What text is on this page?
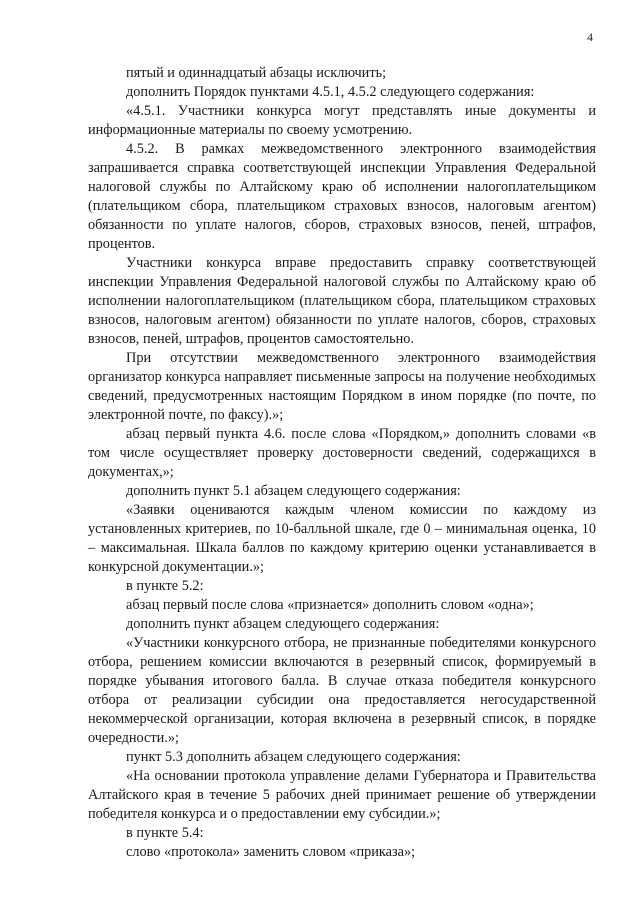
4

пятый и одиннадцатый абзацы исключить;

дополнить Порядок пунктами 4.5.1, 4.5.2 следующего содержания:

«4.5.1. Участники конкурса могут представлять иные документы и информационные материалы по своему усмотрению.

4.5.2. В рамках межведомственного электронного взаимодействия запрашивается справка соответствующей инспекции Управления Федеральной налоговой службы по Алтайскому краю об исполнении налогоплательщиком (плательщиком сбора, плательщиком страховых взносов, налоговым агентом) обязанности по уплате налогов, сборов, страховых взносов, пеней, штрафов, процентов.

Участники конкурса вправе предоставить справку соответствующей инспекции Управления Федеральной налоговой службы по Алтайскому краю об исполнении налогоплательщиком (плательщиком сбора, плательщиком страховых взносов, налоговым агентом) обязанности по уплате налогов, сборов, страховых взносов, пеней, штрафов, процентов самостоятельно.

При отсутствии межведомственного электронного взаимодействия организатор конкурса направляет письменные запросы на получение необходимых сведений, предусмотренных настоящим Порядком в ином порядке (по почте, по электронной почте, по факсу).»;

абзац первый пункта 4.6. после слова «Порядком,» дополнить словами «в том числе осуществляет проверку достоверности сведений, содержащихся в документах,»;

дополнить пункт 5.1 абзацем следующего содержания:

«Заявки оцениваются каждым членом комиссии по каждому из установленных критериев, по 10-балльной шкале, где 0 – минимальная оценка, 10 – максимальная. Шкала баллов по каждому критерию оценки устанавливается в конкурсной документации.»;

в пункте 5.2:

абзац первый после слова «признается» дополнить словом «одна»;

дополнить пункт абзацем следующего содержания:

«Участники конкурсного отбора, не признанные победителями конкурсного отбора, решением комиссии включаются в резервный список, формируемый в порядке убывания итогового балла. В случае отказа победителя конкурсного отбора от реализации субсидии она предоставляется негосударственной некоммерческой организации, которая включена в резервный список, в порядке очередности.»;

пункт 5.3 дополнить абзацем следующего содержания:

«На основании протокола управление делами Губернатора и Правительства Алтайского края в течение 5 рабочих дней принимает решение об утверждении победителя конкурса и о предоставлении ему субсидии.»;

в пункте 5.4:

слово «протокола» заменить словом «приказа»;
